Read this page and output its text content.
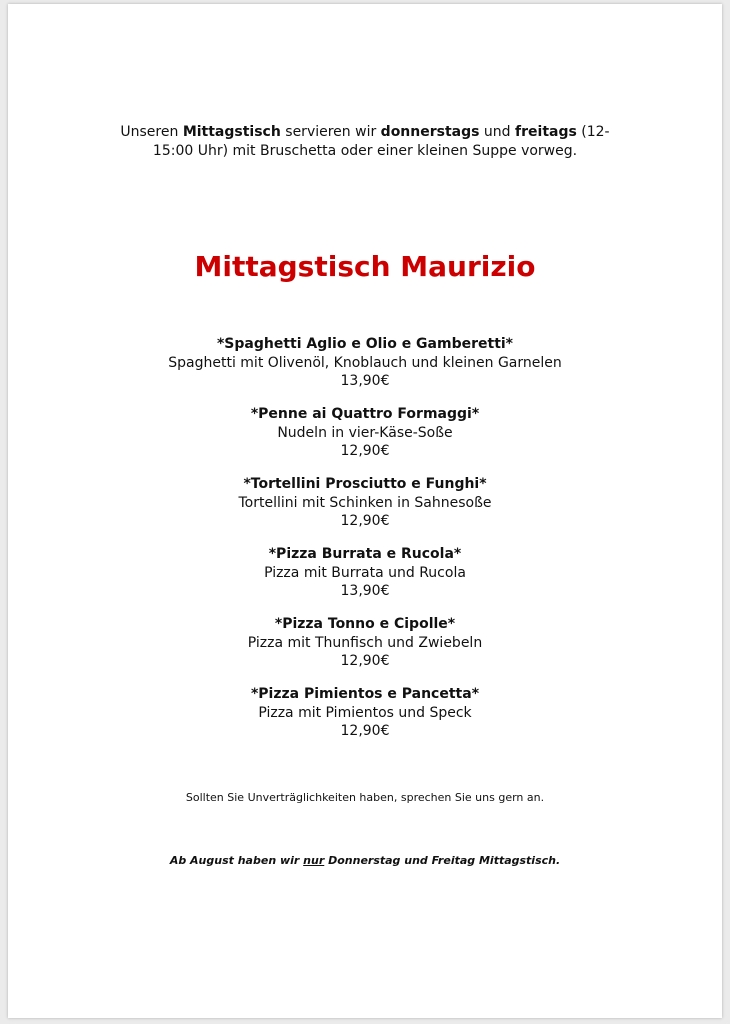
Unseren Mittagstisch servieren wir donnerstags und freitags (12-
15:00 Uhr) mit Bruschetta oder einer kleinen Suppe vorweg.
Mittagstisch Maurizio
*Spaghetti Aglio e Olio e Gamberetti*
Spaghetti mit Olivenöl, Knoblauch und kleinen Garnelen
13,90€
*Penne ai Quattro Formaggi*
Nudeln in vier-Käse-Soße
12,90€
*Tortellini Prosciutto e Funghi*
Tortellini mit Schinken in Sahnesoße
12,90€
*Pizza Burrata e Rucola*
Pizza mit Burrata und Rucola
13,90€
*Pizza Tonno e Cipolle*
Pizza mit Thunfisch und Zwiebeln
12,90€
*Pizza Pimientos e Pancetta*
Pizza mit Pimientos und Speck
12,90€
Sollten Sie Unverträglichkeiten haben, sprechen Sie uns gern an.
Ab August haben wir nur Donnerstag und Freitag Mittagstisch.
